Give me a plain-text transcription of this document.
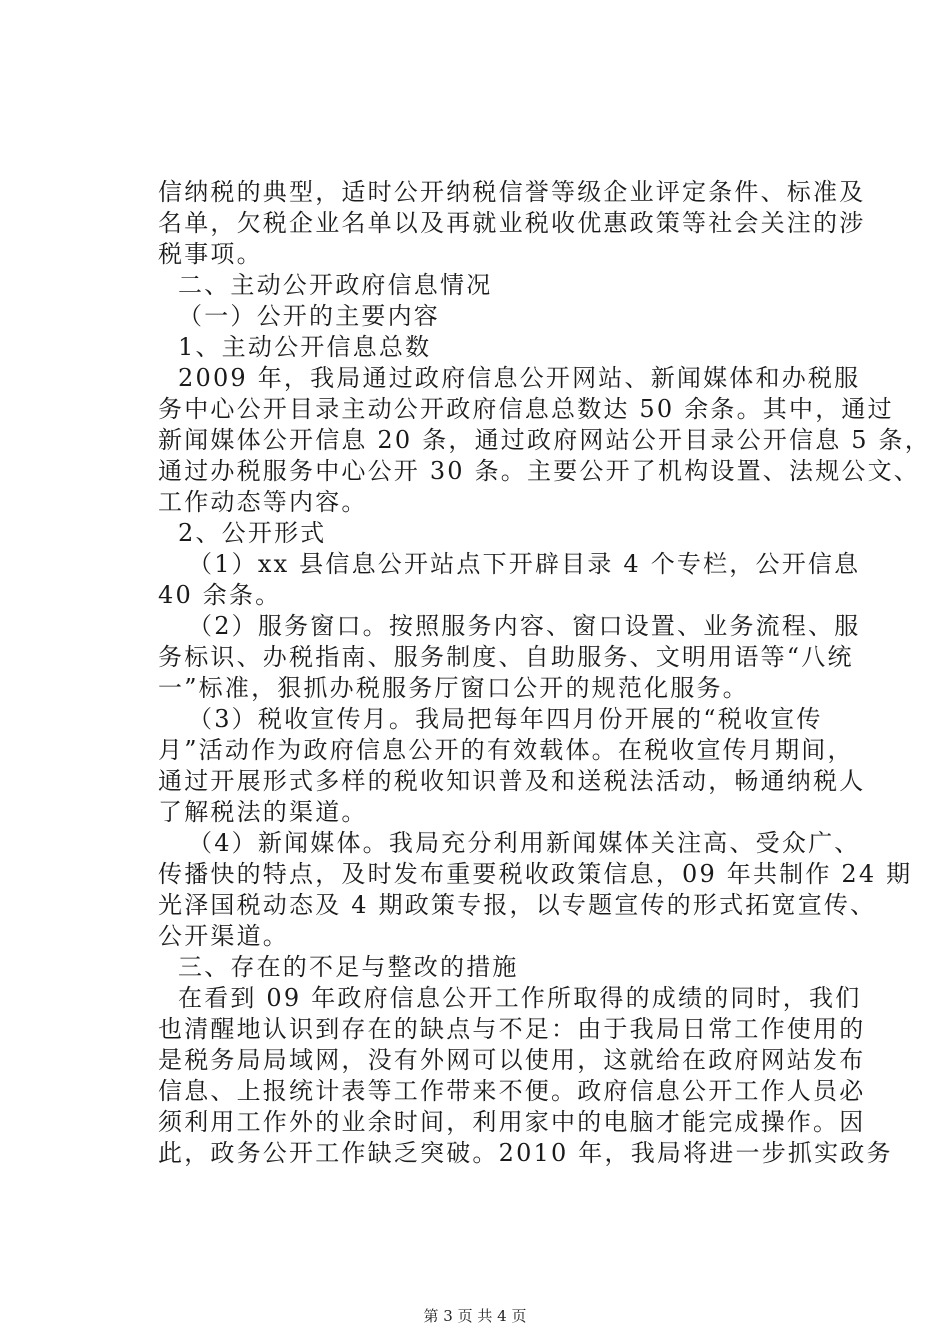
信纳税的典型，适时公开纳税信誉等级企业评定条件、标准及
名单，欠税企业名单以及再就业税收优惠政策等社会关注的涉
税事项。
二、主动公开政府信息情况
（一）公开的主要内容
1、主动公开信息总数
2009 年，我局通过政府信息公开网站、新闻媒体和办税服
务中心公开目录主动公开政府信息总数达 50 余条。其中，通过
新闻媒体公开信息 20 条，通过政府网站公开目录公开信息 5 条，
通过办税服务中心公开 30 条。主要公开了机构设置、法规公文、
工作动态等内容。
2、公开形式
（1）xx 县信息公开站点下开辟目录 4 个专栏，公开信息
40 余条。
（2）服务窗口。按照服务内容、窗口设置、业务流程、服
务标识、办税指南、服务制度、自助服务、文明用语等“八统
一”标准，狠抓办税服务厅窗口公开的规范化服务。
（3）税收宣传月。我局把每年四月份开展的“税收宣传
月”活动作为政府信息公开的有效载体。在税收宣传月期间，
通过开展形式多样的税收知识普及和送税法活动，畅通纳税人
了解税法的渠道。
（4）新闻媒体。我局充分利用新闻媒体关注高、受众广、
传播快的特点，及时发布重要税收政策信息，09 年共制作 24 期
光泽国税动态及 4 期政策专报，以专题宣传的形式拓宽宣传、
公开渠道。
三、存在的不足与整改的措施
在看到 09 年政府信息公开工作所取得的成绩的同时，我们
也清醒地认识到存在的缺点与不足：由于我局日常工作使用的
是税务局局域网，没有外网可以使用，这就给在政府网站发布
信息、上报统计表等工作带来不便。政府信息公开工作人员必
须利用工作外的业余时间，利用家中的电脑才能完成操作。因
此，政务公开工作缺乏突破。2010 年，我局将进一步抓实政务
第 3 页 共 4 页
